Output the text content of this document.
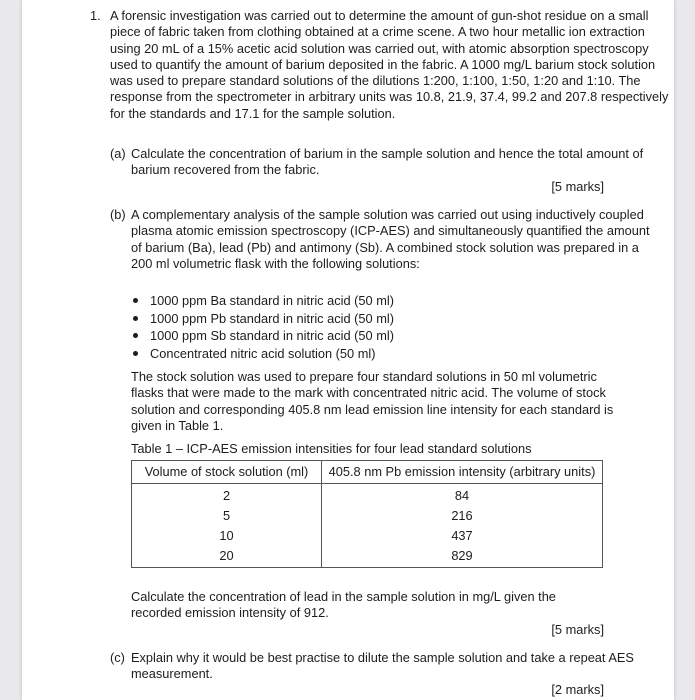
1. A forensic investigation was carried out to determine the amount of gun-shot residue on a small piece of fabric taken from clothing obtained at a crime scene. A two hour metallic ion extraction using 20 mL of a 15% acetic acid solution was carried out, with atomic absorption spectroscopy used to quantify the amount of barium deposited in the fabric. A 1000 mg/L barium stock solution was used to prepare standard solutions of the dilutions 1:200, 1:100, 1:50, 1:20 and 1:10. The response from the spectrometer in arbitrary units was 10.8, 21.9, 37.4, 99.2 and 207.8 respectively for the standards and 17.1 for the sample solution.

(a) Calculate the concentration of barium in the sample solution and hence the total amount of barium recovered from the fabric.

[5 marks]
(b) A complementary analysis of the sample solution was carried out using inductively coupled plasma atomic emission spectroscopy (ICP-AES) and simultaneously quantified the amount of barium (Ba), lead (Pb) and antimony (Sb). A combined stock solution was prepared in a 200 ml volumetric flask with the following solutions:

1000 ppm Ba standard in nitric acid (50 ml)
1000 ppm Pb standard in nitric acid (50 ml)
1000 ppm Sb standard in nitric acid (50 ml)
Concentrated nitric acid solution (50 ml)

The stock solution was used to prepare four standard solutions in 50 ml volumetric flasks that were made to the mark with concentrated nitric acid. The volume of stock solution and corresponding 405.8 nm lead emission line intensity for each standard is given in Table 1.

Table 1 – ICP-AES emission intensities for four lead standard solutions
Volume of stock solution (ml)	405.8 nm Pb emission intensity (arbitrary units)
2	84
5	216
10	437
20	829

Calculate the concentration of lead in the sample solution in mg/L given the recorded emission intensity of 912.

[5 marks]
(c) Explain why it would be best practise to dilute the sample solution and take a repeat AES measurement.

[2 marks]
